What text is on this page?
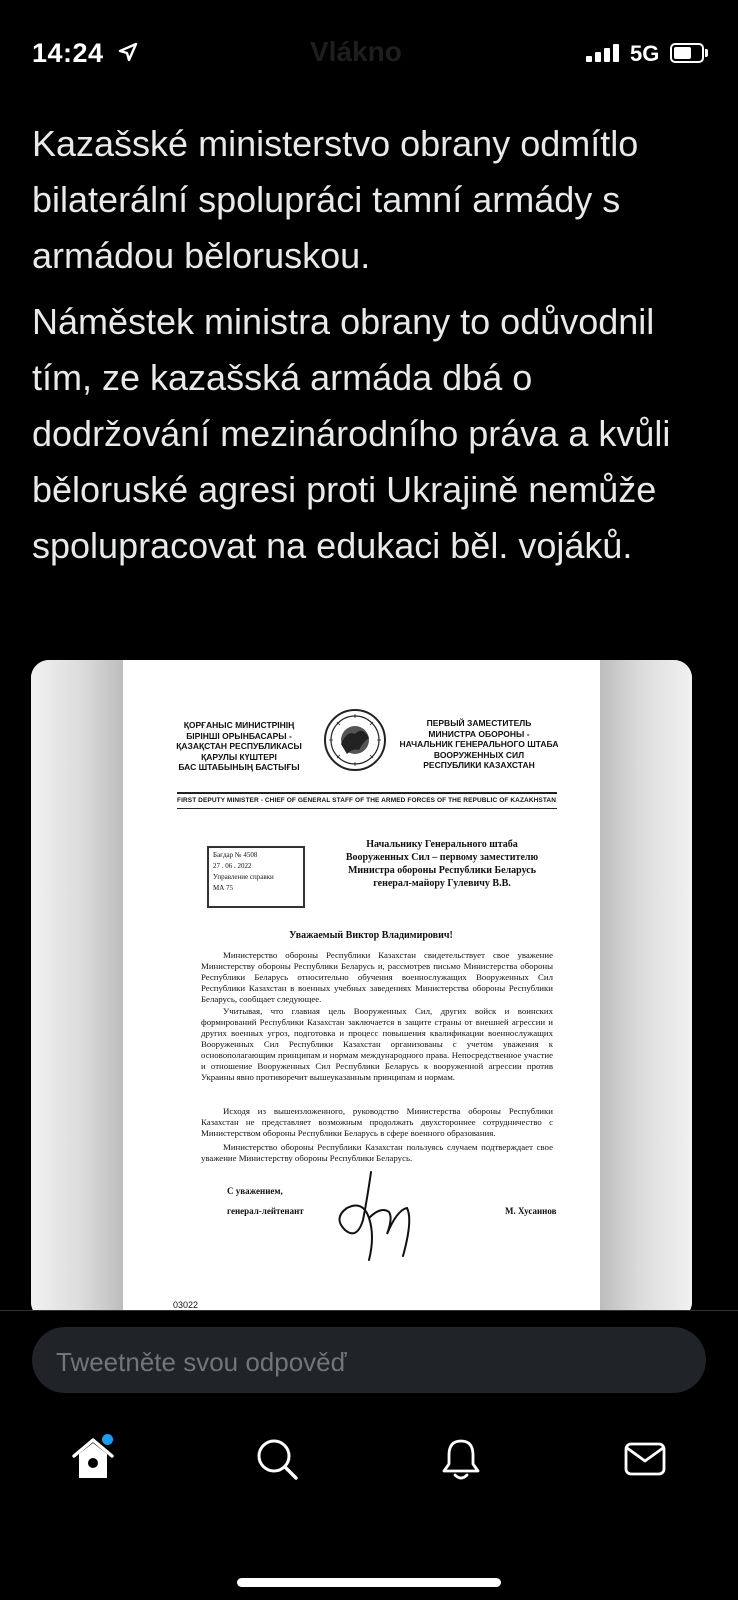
14:24	Vlákno	5G

Kazašské ministerstvo obrany odmítlo bilaterální spolupráci tamní armády s armádou běloruskou.

Náměstek ministra obrany to odůvodnil tím, ze kazašská armáda dbá o dodržování mezinárodního práva a kvůli běloruské agresi proti Ukrajině nemůže spolupracovat na edukaci běl. vojáků.

ҚОРҒАНЫС МИНИСТРІНІҢ
БІРІНШІ ОРЫНБАСАРЫ -
ҚАЗАҚСТАН РЕСПУБЛИКАСЫ
ҚАРУЛЫ КҮШТЕРІ
БАС ШТАБЫНЫҢ БАСТЫҒЫ
ПЕРВЫЙ ЗАМЕСТИТЕЛЬ
МИНИСТРА ОБОРОНЫ -
НАЧАЛЬНИК ГЕНЕРАЛЬНОГО ШТАБА
ВООРУЖЕННЫХ СИЛ
РЕСПУБЛИКИ КАЗАХСТАН
FIRST DEPUTY MINISTER - CHIEF OF GENERAL STAFF OF THE ARMED FORCES OF THE REPUBLIC OF KAZAKHSTAN
Бағдар № 4508
27 . 06 . 2022
Управление справки
МА 75
Начальнику Генерального штаба
Вооруженных Сил – первому заместителю
Министра обороны Республики Беларусь
генерал-майору Гулевичу В.В.
Уважаемый Виктор Владимирович!

Министерство обороны Республики Казахстан свидетельствует свое уважение Министерству обороны Республики Беларусь и, рассмотрев письмо Министерства обороны Республики Беларусь относительно обучения военнослужащих Вооруженных Сил Республики Казахстан в военных учебных заведениях Министерства обороны Республики Беларусь, сообщает следующее.

Учитывая, что главная цель Вооруженных Сил, других войск и воинских формирований Республики Казахстан заключается в защите страны от внешней агрессии и других военных угроз, подготовка и процесс повышения квалификации военнослужащих Вооруженных Сил Республики Казахстан организованы с учетом уважения к основополагающим принципам и нормам международного права. Непосредственное участие и отношение Вооруженных Сил Республики Беларусь к вооруженной агрессии против Украины явно противоречит вышеуказанным принципам и нормам.

Исходя из вышеизложенного, руководство Министерства обороны Республики Казахстан не представляет возможным продолжать двухстороннее сотрудничество с Министерством обороны Республики Беларусь в сфере военного образования.

Министерство обороны Республики Казахстан пользуясь случаем подтверждает свое уважение Министерству обороны Республики Беларусь.

С уважением,
генерал-лейтенант	М. Хусаинов
03022
Tweetněte svou odpověď
